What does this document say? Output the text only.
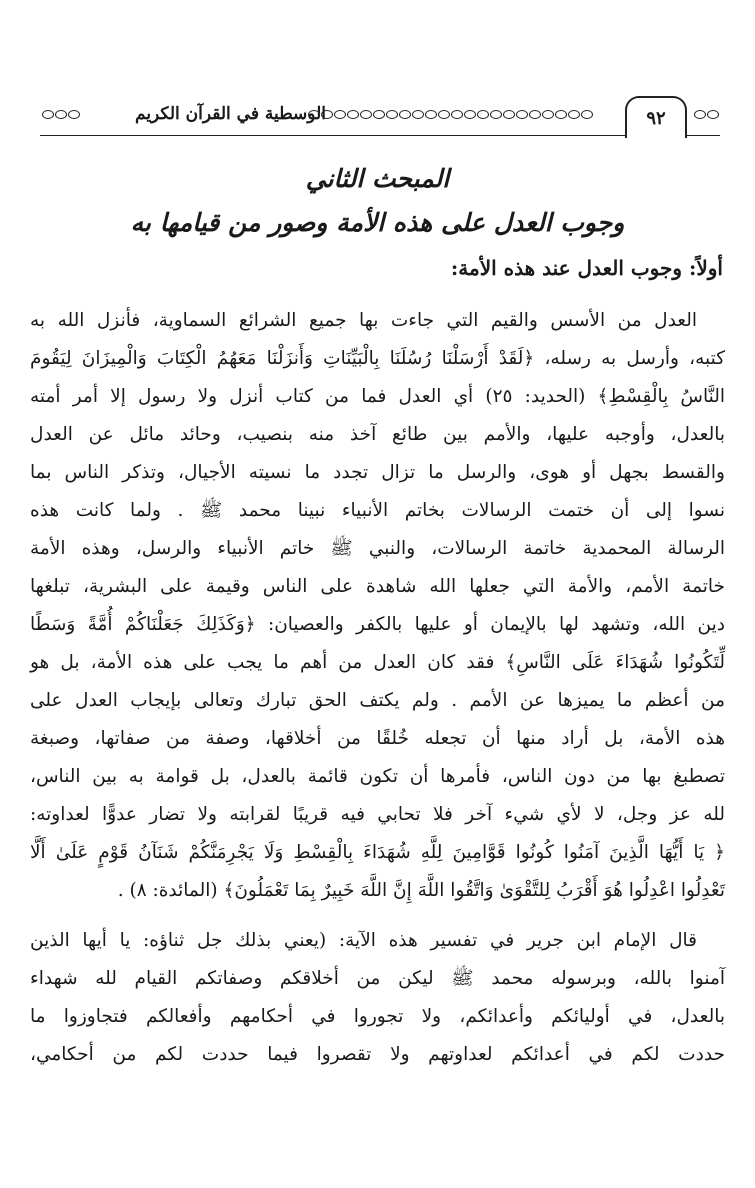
الوسطية في القرآن الكريم	٩٢
المبحث الثاني
وجوب العدل على هذه الأمة وصور من قيامها به
أولاً: وجوب العدل عند هذه الأمة:
العدل من الأسس والقيم التي جاءت بها جميع الشرائع السماوية، فأنزل الله به
كتبه، وأرسل به رسله، ﴿لَقَدْ أَرْسَلْنَا رُسُلَنَا بِالْبَيِّنَاتِ وَأَنزَلْنَا مَعَهُمُ الْكِتَابَ وَالْمِيزَانَ لِيَقُومَ
النَّاسُ بِالْقِسْطِ﴾ (الحديد: ٢٥) أي العدل فما من كتاب أنزل ولا رسول إلا أمر أمته
بالعدل، وأوجبه عليها، والأمم بين طائع آخذ منه بنصيب، وحائد مائل عن العدل
والقسط بجهل أو هوى، والرسل ما تزال تجدد ما نسيته الأجيال، وتذكر الناس بما
نسوا إلى أن ختمت الرسالات بخاتم الأنبياء نبينا محمد ﷺ . ولما كانت هذه
الرسالة المحمدية خاتمة الرسالات، والنبي ﷺ خاتم الأنبياء والرسل، وهذه الأمة
خاتمة الأمم، والأمة التي جعلها الله شاهدة على الناس وقيمة على البشرية، تبلغها
دين الله، وتشهد لها بالإيمان أو عليها بالكفر والعصيان: ﴿وَكَذَلِكَ جَعَلْنَاكُمْ أُمَّةً وَسَطًا
لِّتَكُونُوا شُهَدَاءَ عَلَى النَّاسِ﴾ فقد كان العدل من أهم ما يجب على هذه الأمة، بل هو
من أعظم ما يميزها عن الأمم . ولم يكتف الحق تبارك وتعالى بإيجاب العدل على
هذه الأمة، بل أراد منها أن تجعله خُلقًا من أخلاقها، وصفة من صفاتها، وصبغة
تصطبغ بها من دون الناس، فأمرها أن تكون قائمة بالعدل، بل قوامة به بين الناس،
لله عز وجل، لا لأي شيء آخر فلا تحابي فيه قريبًا لقرابته ولا تضار عدوًّا لعداوته:
﴿ يَا أَيُّهَا الَّذِينَ آمَنُوا كُونُوا قَوَّامِينَ لِلَّهِ شُهَدَاءَ بِالْقِسْطِ وَلَا يَجْرِمَنَّكُمْ شَنَآنُ قَوْمٍ عَلَىٰ أَلَّا
تَعْدِلُوا اعْدِلُوا هُوَ أَقْرَبُ لِلتَّقْوَىٰ وَاتَّقُوا اللَّهَ إِنَّ اللَّهَ خَبِيرٌ بِمَا تَعْمَلُونَ﴾ (المائدة: ٨) .
قال الإمام ابن جرير في تفسير هذه الآية: (يعني بذلك جل ثناؤه: يا أيها الذين
آمنوا بالله، وبرسوله محمد ﷺ ليكن من أخلاقكم وصفاتكم القيام لله شهداء
بالعدل، في أوليائكم وأعدائكم، ولا تجوروا في أحكامهم وأفعالكم فتجاوزوا ما
حددت لكم في أعدائكم لعداوتهم ولا تقصروا فيما حددت لكم من أحكامي،
